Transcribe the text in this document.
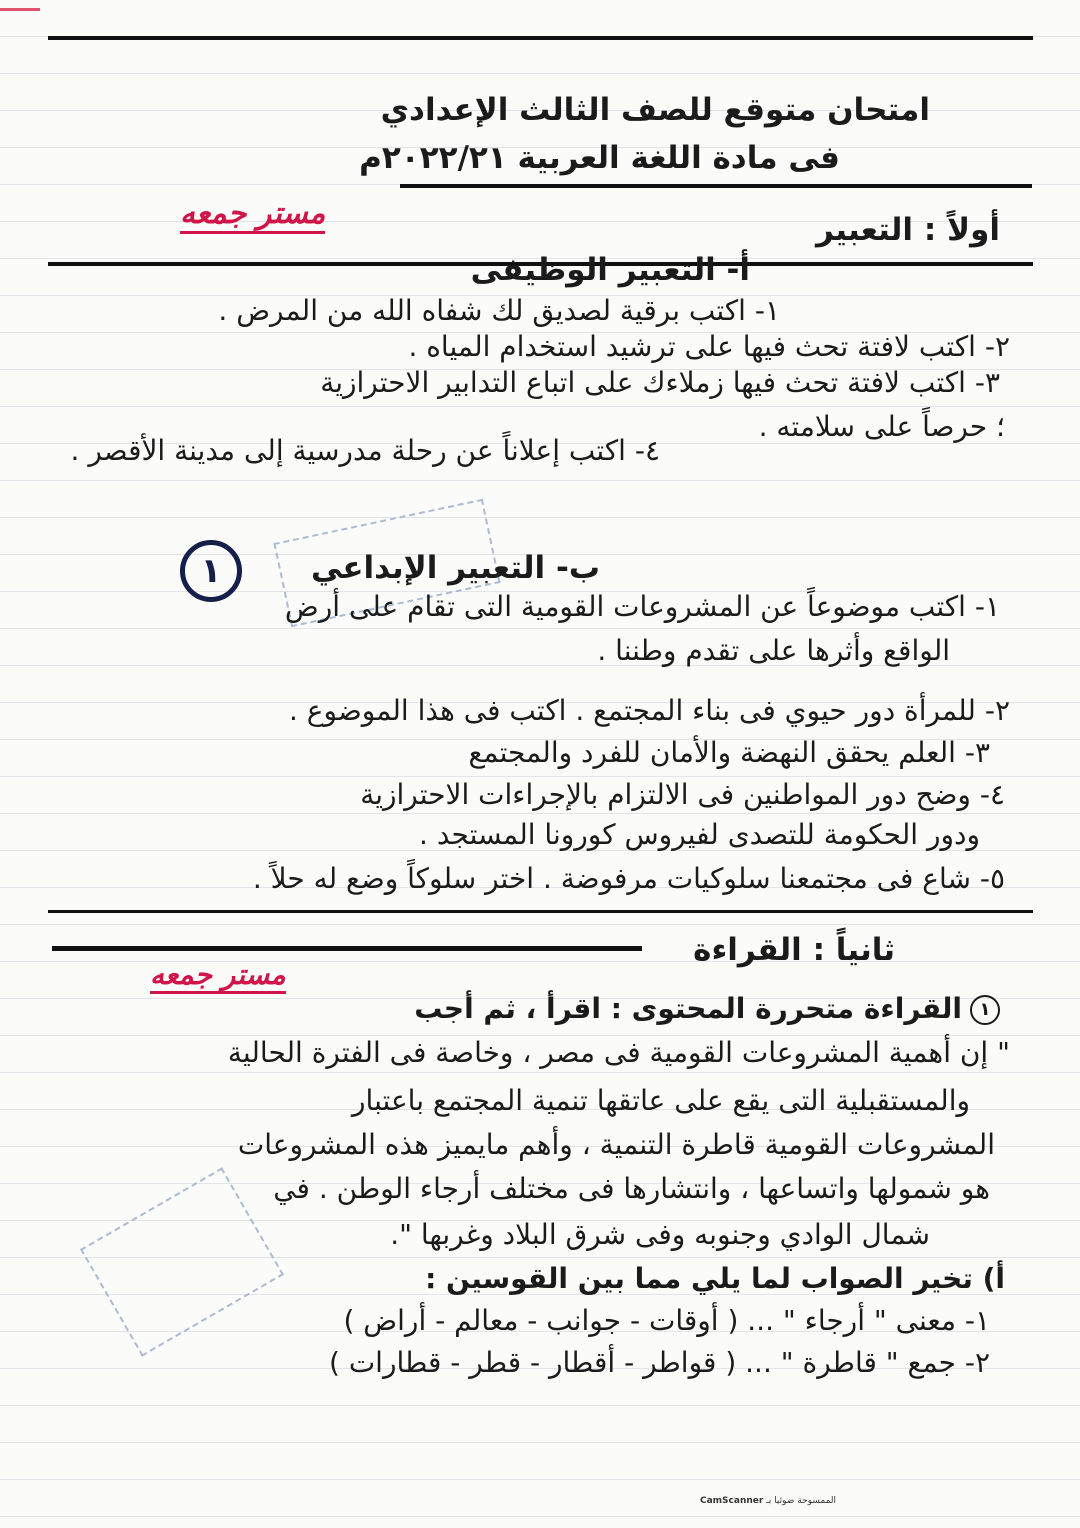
امتحان متوقع للصف الثالث الإعدادي
فى مادة اللغة العربية ٢٠٢٢/٢١م
مستر جمعه	أولاً : التعبير
أ- التعبير الوظيفى
١- اكتب برقية لصديق لك شفاه الله من المرض .
٢- اكتب لافتة تحث فيها على ترشيد استخدام المياه .
٣- اكتب لافتة تحث فيها زملاءك على اتباع التدابير الاحترازية
؛ حرصاً على سلامته .
٤- اكتب إعلاناً عن رحلة مدرسية إلى مدينة الأقصر .
١	ب- التعبير الإبداعي
١- اكتب موضوعاً عن المشروعات القومية التى تقام على أرض
الواقع وأثرها على تقدم وطننا .
٢- للمرأة دور حيوي فى بناء المجتمع . اكتب فى هذا الموضوع .
٣- العلم يحقق النهضة والأمان للفرد والمجتمع
٤- وضح دور المواطنين فى الالتزام بالإجراءات الاحترازية
ودور الحكومة للتصدى لفيروس كورونا المستجد .
٥- شاع فى مجتمعنا سلوكيات مرفوضة . اختر سلوكاً وضع له حلاً .
ثانياً : القراءة
مستر جمعه
١القراءة متحررة المحتوى : اقرأ ، ثم أجب
" إن أهمية المشروعات القومية فى مصر ، وخاصة فى الفترة الحالية
والمستقبلية التى يقع على عاتقها تنمية المجتمع باعتبار
المشروعات القومية قاطرة التنمية ، وأهم مايميز هذه المشروعات
هو شمولها واتساعها ، وانتشارها فى مختلف أرجاء الوطن . في
شمال الوادي وجنوبه وفى شرق البلاد وغربها ".
أ) تخير الصواب لما يلي مما بين القوسين :
١- معنى " أرجاء " ... ( أوقات - جوانب - معالم - أراض )
٢- جمع " قاطرة " ... ( قواطر - أقطار - قطر - قطارات )
CamScanner الممسوحة ضوئيا بـ
